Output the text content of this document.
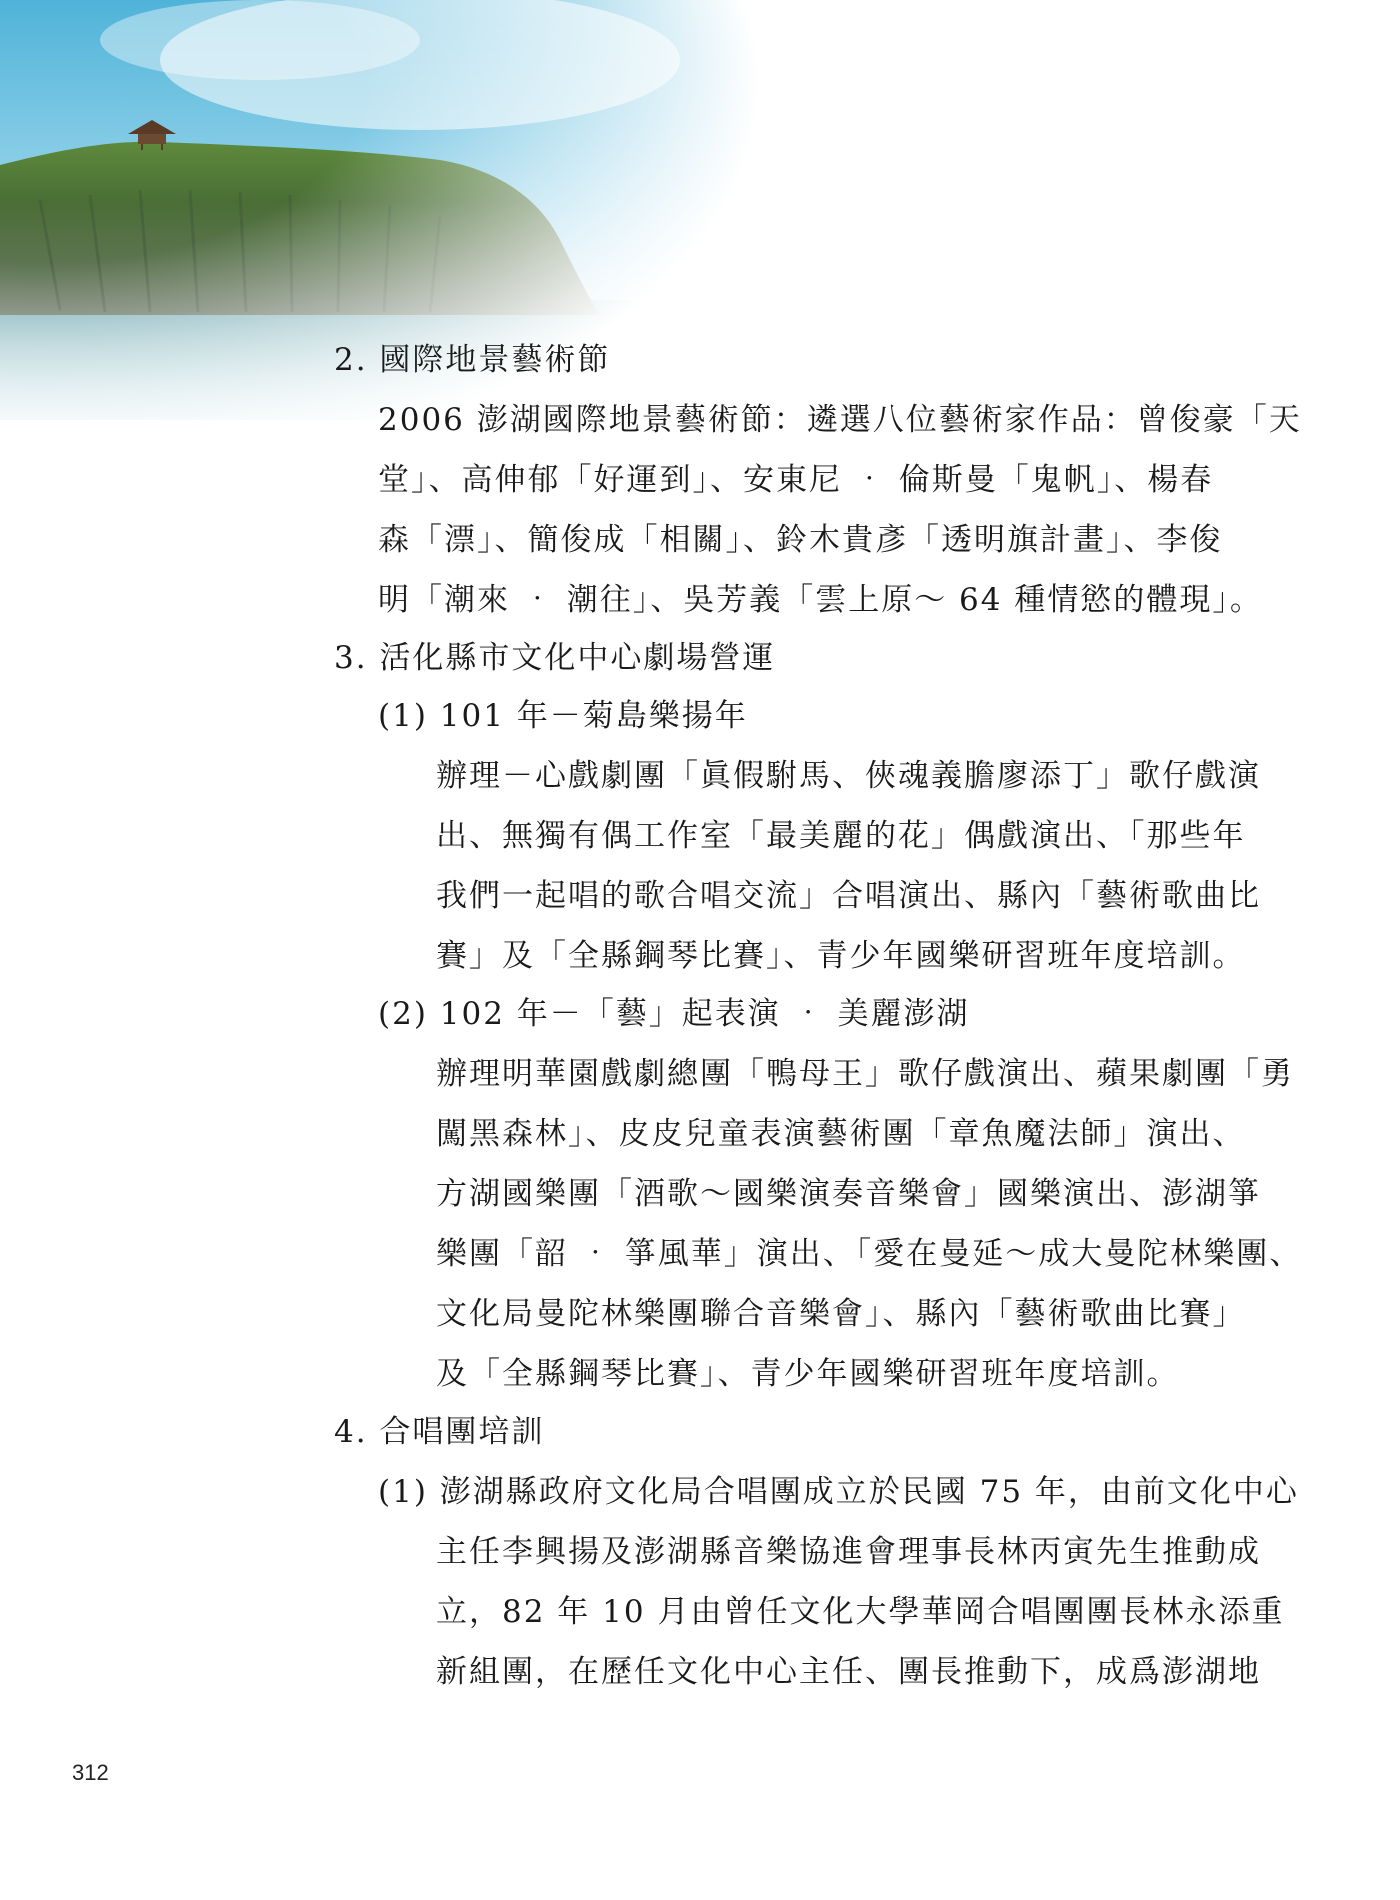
2. 國際地景藝術節
2006 澎湖國際地景藝術節：遴選八位藝術家作品：曾俊豪「天
堂」、高伸郁「好運到」、安東尼 ‧ 倫斯曼「鬼帆」、楊春
森「漂」、簡俊成「相關」、鈴木貴彥「透明旗計畫」、李俊
明「潮來 ‧ 潮往」、吳芳義「雲上原～ 64 種情慾的體現」。
3. 活化縣市文化中心劇場營運
(1) 101 年－菊島樂揚年
辦理－心戲劇團「眞假駙馬、俠魂義膽廖添丁」歌仔戲演
出、無獨有偶工作室「最美麗的花」偶戲演出、「那些年
我們一起唱的歌合唱交流」合唱演出、縣內「藝術歌曲比
賽」及「全縣鋼琴比賽」、青少年國樂研習班年度培訓。
(2) 102 年－「藝」起表演 ‧ 美麗澎湖
辦理明華園戲劇總團「鴨母王」歌仔戲演出、蘋果劇團「勇
闖黑森林」、皮皮兒童表演藝術團「章魚魔法師」演出、
方湖國樂團「酒歌～國樂演奏音樂會」國樂演出、澎湖箏
樂團「韶 ‧ 箏風華」演出、「愛在曼延～成大曼陀林樂團、
文化局曼陀林樂團聯合音樂會」、縣內「藝術歌曲比賽」
及「全縣鋼琴比賽」、青少年國樂研習班年度培訓。
4. 合唱團培訓
(1) 澎湖縣政府文化局合唱團成立於民國 75 年，由前文化中心
主任李興揚及澎湖縣音樂協進會理事長林丙寅先生推動成
立，82 年 10 月由曾任文化大學華岡合唱團團長林永添重
新組團，在歷任文化中心主任、團長推動下，成爲澎湖地
312
